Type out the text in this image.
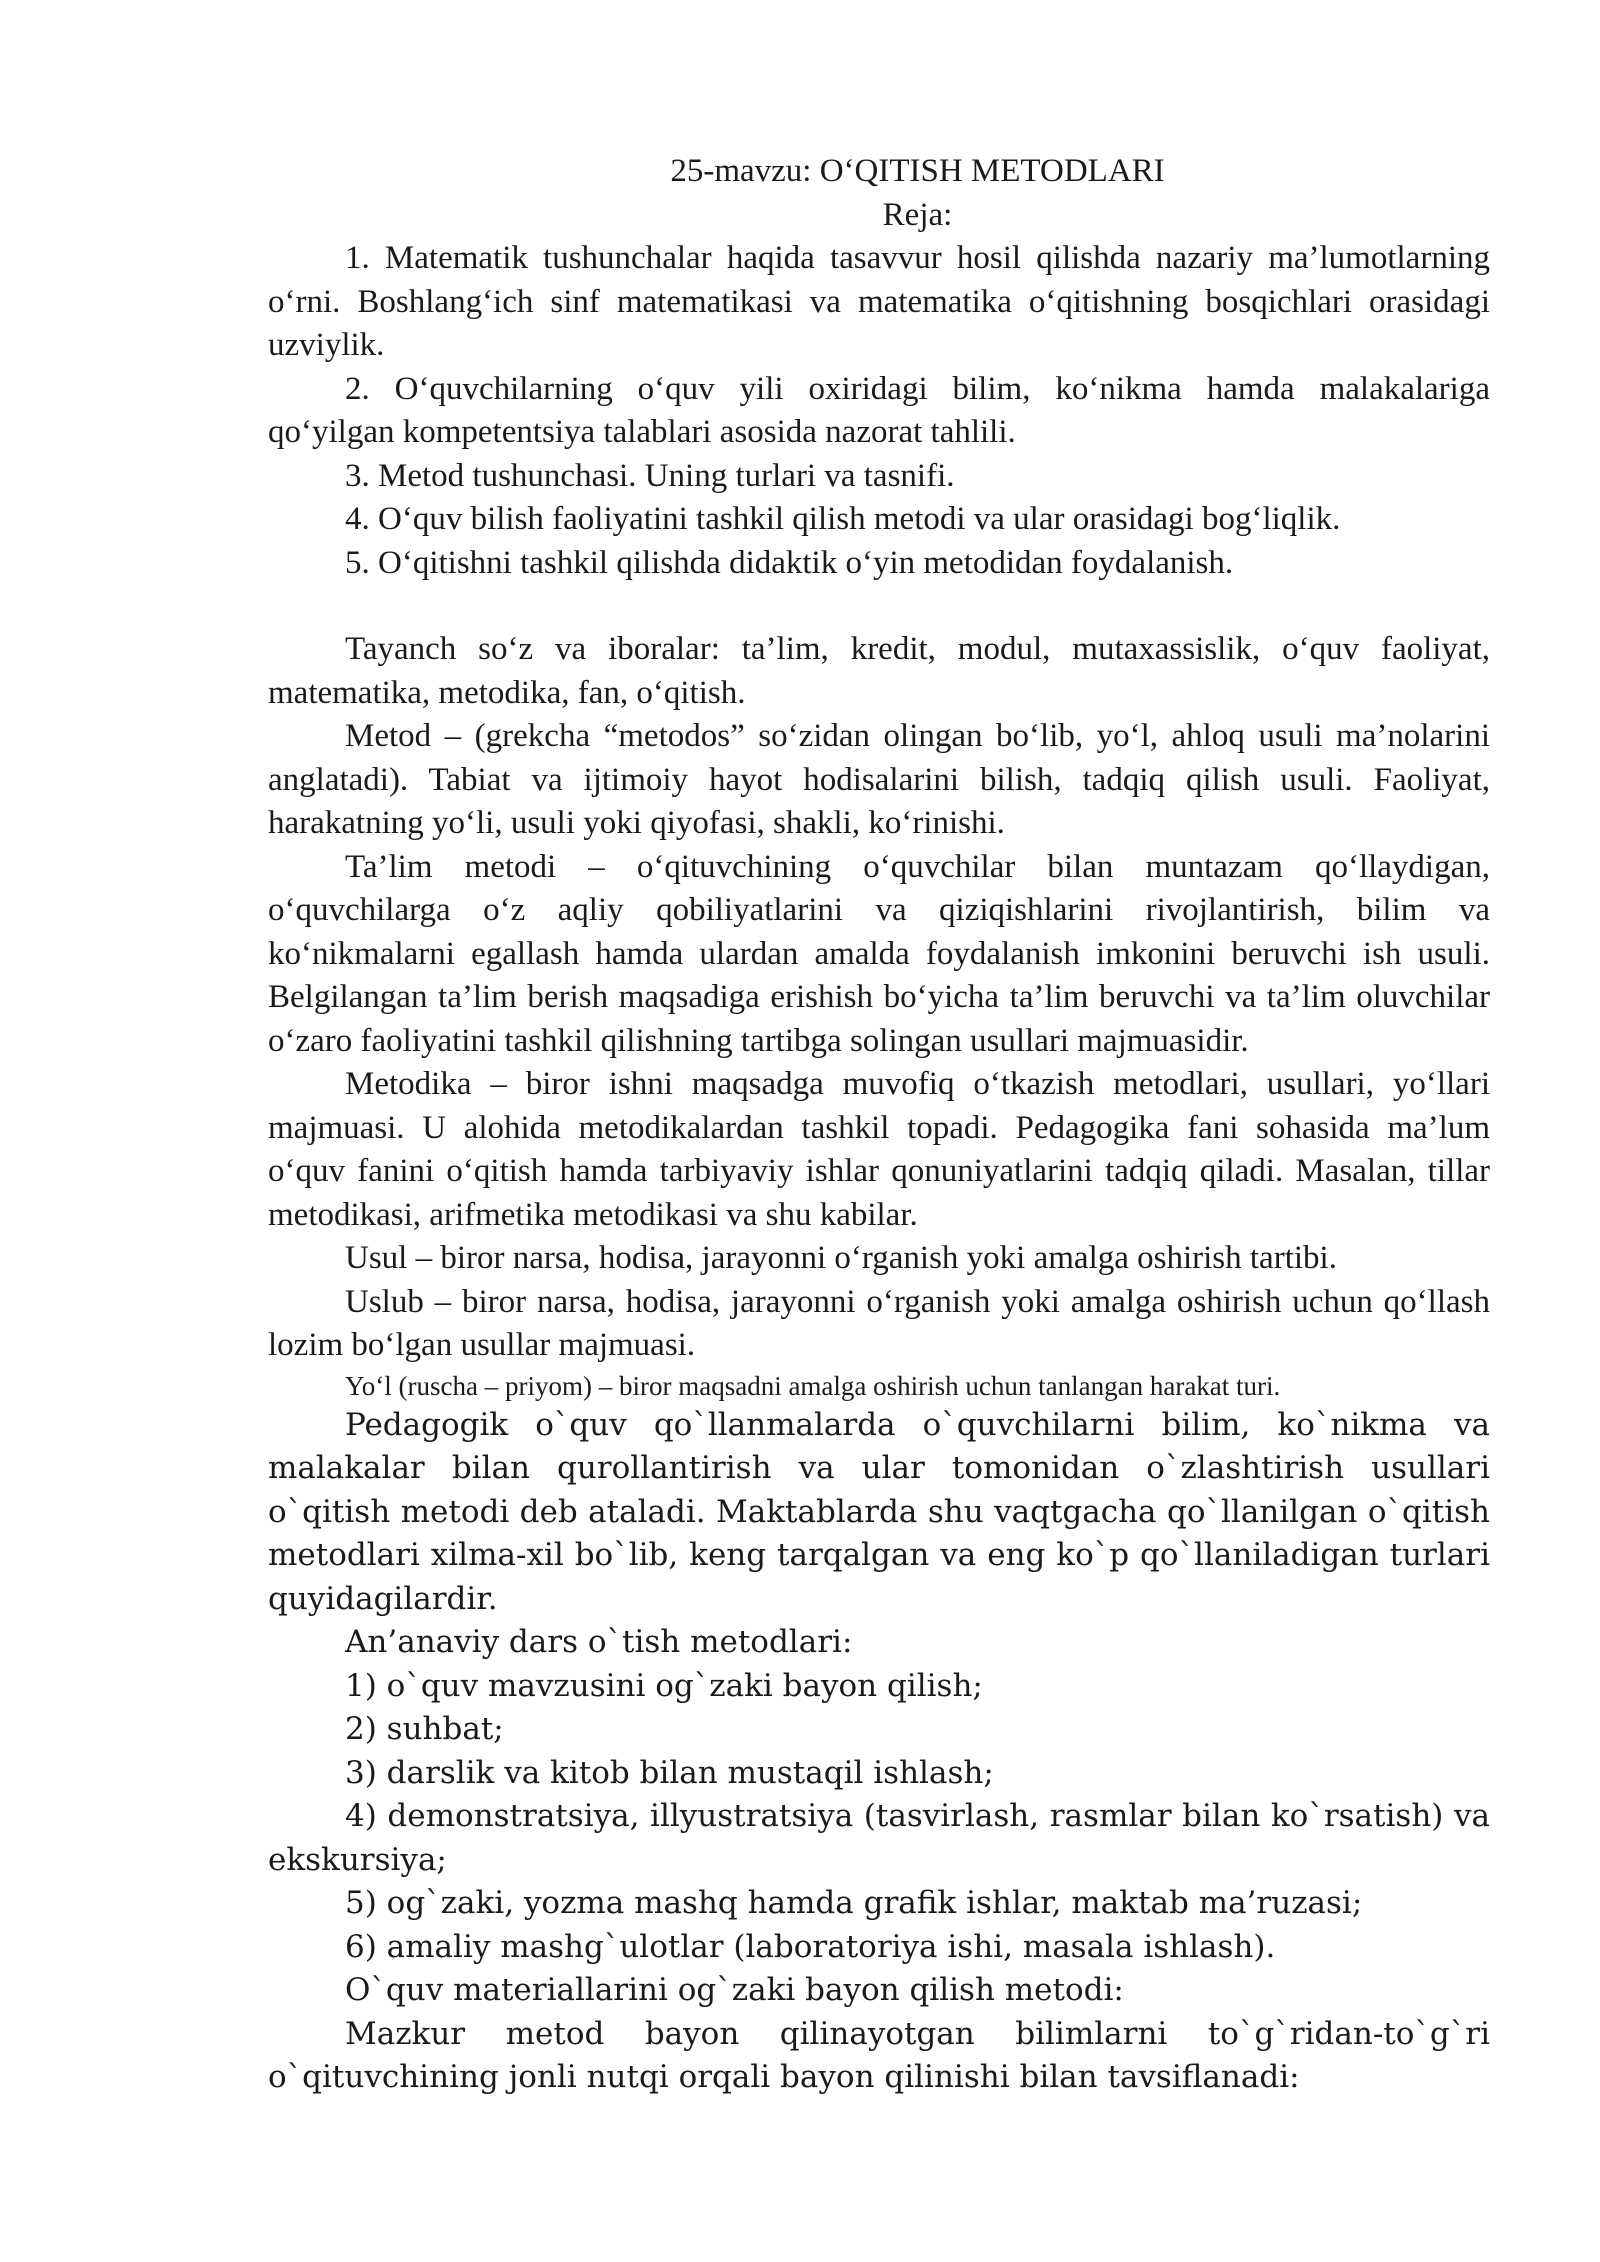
25-mavzu: O‘QITISH METODLARI

Reja:

1. Matematik tushunchalar haqida tasavvur hosil qilishda nazariy ma’lumotlarning o‘rni. Boshlang‘ich sinf matematikasi va matematika o‘qitishning bosqichlari orasidagi uzviylik.

2. O‘quvchilarning o‘quv yili oxiridagi bilim, ko‘nikma hamda malakalariga qo‘yilgan kompetentsiya talablari asosida nazorat tahlili.

3. Metod tushunchasi. Uning turlari va tasnifi.

4. O‘quv bilish faoliyatini tashkil qilish metodi va ular orasidagi bog‘liqlik.

5. O‘qitishni tashkil qilishda didaktik o‘yin metodidan foydalanish.

Tayanch so‘z va iboralar: ta’lim, kredit, modul, mutaxassislik, o‘quv faoliyat, matematika, metodika, fan, o‘qitish.

Metod – (grekcha “metodos” so‘zidan olingan bo‘lib, yo‘l, ahloq usuli ma’nolarini anglatadi). Tabiat va ijtimoiy hayot hodisalarini bilish, tadqiq qilish usuli. Faoliyat, harakatning yo‘li, usuli yoki qiyofasi, shakli, ko‘rinishi.

Ta’lim metodi – o‘qituvchining o‘quvchilar bilan muntazam qo‘llaydigan, o‘quvchilarga o‘z aqliy qobiliyatlarini va qiziqishlarini rivojlantirish, bilim va ko‘nikmalarni egallash hamda ulardan amalda foydalanish imkonini beruvchi ish usuli. Belgilangan ta’lim berish maqsadiga erishish bo‘yicha ta’lim beruvchi va ta’lim oluvchilar o‘zaro faoliyatini tashkil qilishning tartibga solingan usullari majmuasidir.

Metodika – biror ishni maqsadga muvofiq o‘tkazish metodlari, usullari, yo‘llari majmuasi. U alohida metodikalardan tashkil topadi. Pedagogika fani sohasida ma’lum o‘quv fanini o‘qitish hamda tarbiyaviy ishlar qonuniyatlarini tadqiq qiladi. Masalan, tillar metodikasi, arifmetika metodikasi va shu kabilar.

Usul – biror narsa, hodisa, jarayonni o‘rganish yoki amalga oshirish tartibi.

Uslub – biror narsa, hodisa, jarayonni o‘rganish yoki amalga oshirish uchun qo‘llash lozim bo‘lgan usullar majmuasi.

Yo‘l (ruscha – priyom) – biror maqsadni amalga oshirish uchun tanlangan harakat turi.

Pedagogik o`quv qo`llanmalarda o`quvchilarni bilim, ko`nikma va malakalar bilan qurollantirish va ular tomonidan o`zlashtirish usullari o`qitish metodi deb ataladi. Maktablarda shu vaqtgacha qo`llanilgan o`qitish metodlari xilma-xil bo`lib, keng tarqalgan va eng ko`p qo`llaniladigan turlari quyidagilardir.

An’anaviy dars o`tish metodlari:

1) o`quv mavzusini og`zaki bayon qilish;

2) suhbat;

3) darslik va kitob bilan mustaqil ishlash;

4) demonstratsiya, illyustratsiya (tasvirlash, rasmlar bilan ko`rsatish) va ekskursiya;

5) og`zaki, yozma mashq hamda grafik ishlar, maktab ma’ruzasi;

6) amaliy mashg`ulotlar (laboratoriya ishi, masala ishlash).

O`quv materiallarini og`zaki bayon qilish metodi:

Mazkur metod bayon qilinayotgan bilimlarni to`g`ridan-to`g`ri o`qituvchining jonli nutqi orqali bayon qilinishi bilan tavsiflanadi:
